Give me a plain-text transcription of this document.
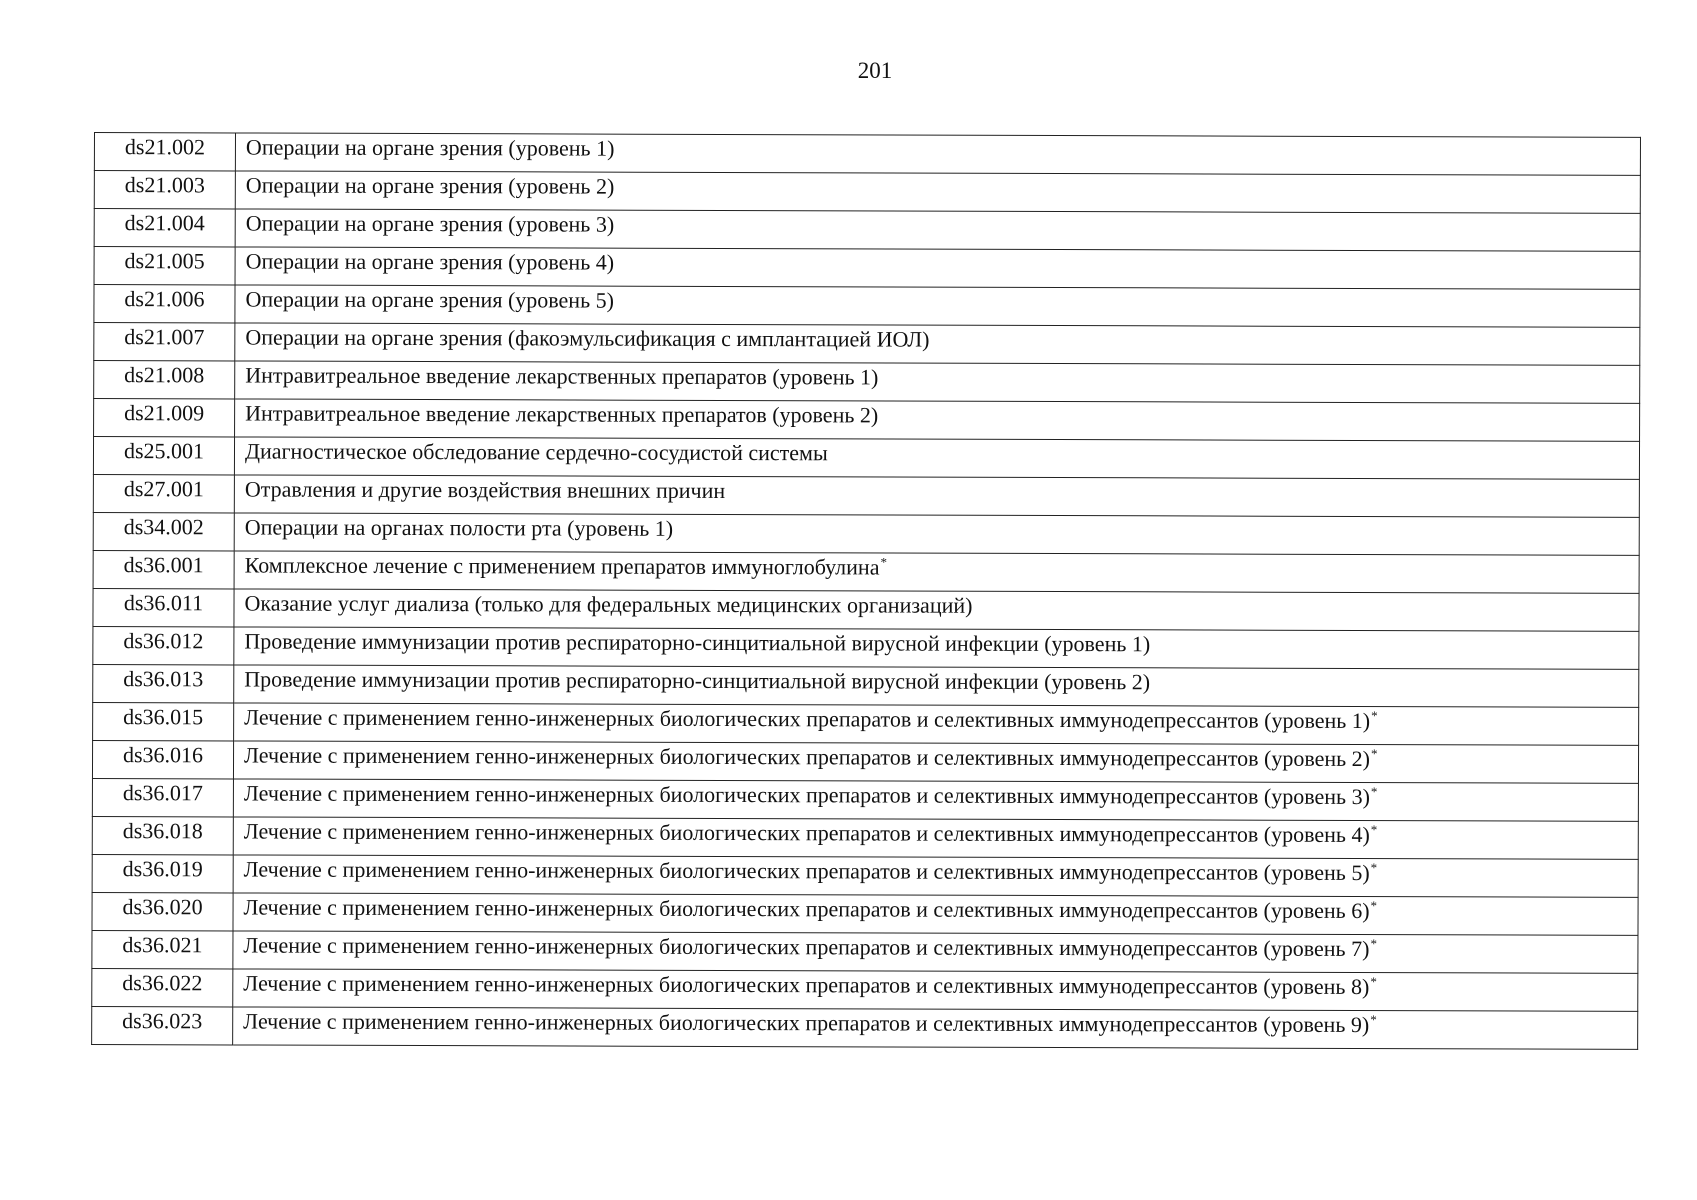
201
ds21.002	Операции на органе зрения (уровень 1)
ds21.003	Операции на органе зрения (уровень 2)
ds21.004	Операции на органе зрения (уровень 3)
ds21.005	Операции на органе зрения (уровень 4)
ds21.006	Операции на органе зрения (уровень 5)
ds21.007	Операции на органе зрения (факоэмульсификация с имплантацией ИОЛ)
ds21.008	Интравитреальное введение лекарственных препаратов (уровень 1)
ds21.009	Интравитреальное введение лекарственных препаратов (уровень 2)
ds25.001	Диагностическое обследование сердечно-сосудистой системы
ds27.001	Отравления и другие воздействия внешних причин
ds34.002	Операции на органах полости рта (уровень 1)
ds36.001	Комплексное лечение с применением препаратов иммуноглобулина*
ds36.011	Оказание услуг диализа (только для федеральных медицинских организаций)
ds36.012	Проведение иммунизации против респираторно-синцитиальной вирусной инфекции (уровень 1)
ds36.013	Проведение иммунизации против респираторно-синцитиальной вирусной инфекции (уровень 2)
ds36.015	Лечение с применением генно-инженерных биологических препаратов и селективных иммунодепрессантов (уровень 1)*
ds36.016	Лечение с применением генно-инженерных биологических препаратов и селективных иммунодепрессантов (уровень 2)*
ds36.017	Лечение с применением генно-инженерных биологических препаратов и селективных иммунодепрессантов (уровень 3)*
ds36.018	Лечение с применением генно-инженерных биологических препаратов и селективных иммунодепрессантов (уровень 4)*
ds36.019	Лечение с применением генно-инженерных биологических препаратов и селективных иммунодепрессантов (уровень 5)*
ds36.020	Лечение с применением генно-инженерных биологических препаратов и селективных иммунодепрессантов (уровень 6)*
ds36.021	Лечение с применением генно-инженерных биологических препаратов и селективных иммунодепрессантов (уровень 7)*
ds36.022	Лечение с применением генно-инженерных биологических препаратов и селективных иммунодепрессантов (уровень 8)*
ds36.023	Лечение с применением генно-инженерных биологических препаратов и селективных иммунодепрессантов (уровень 9)*
